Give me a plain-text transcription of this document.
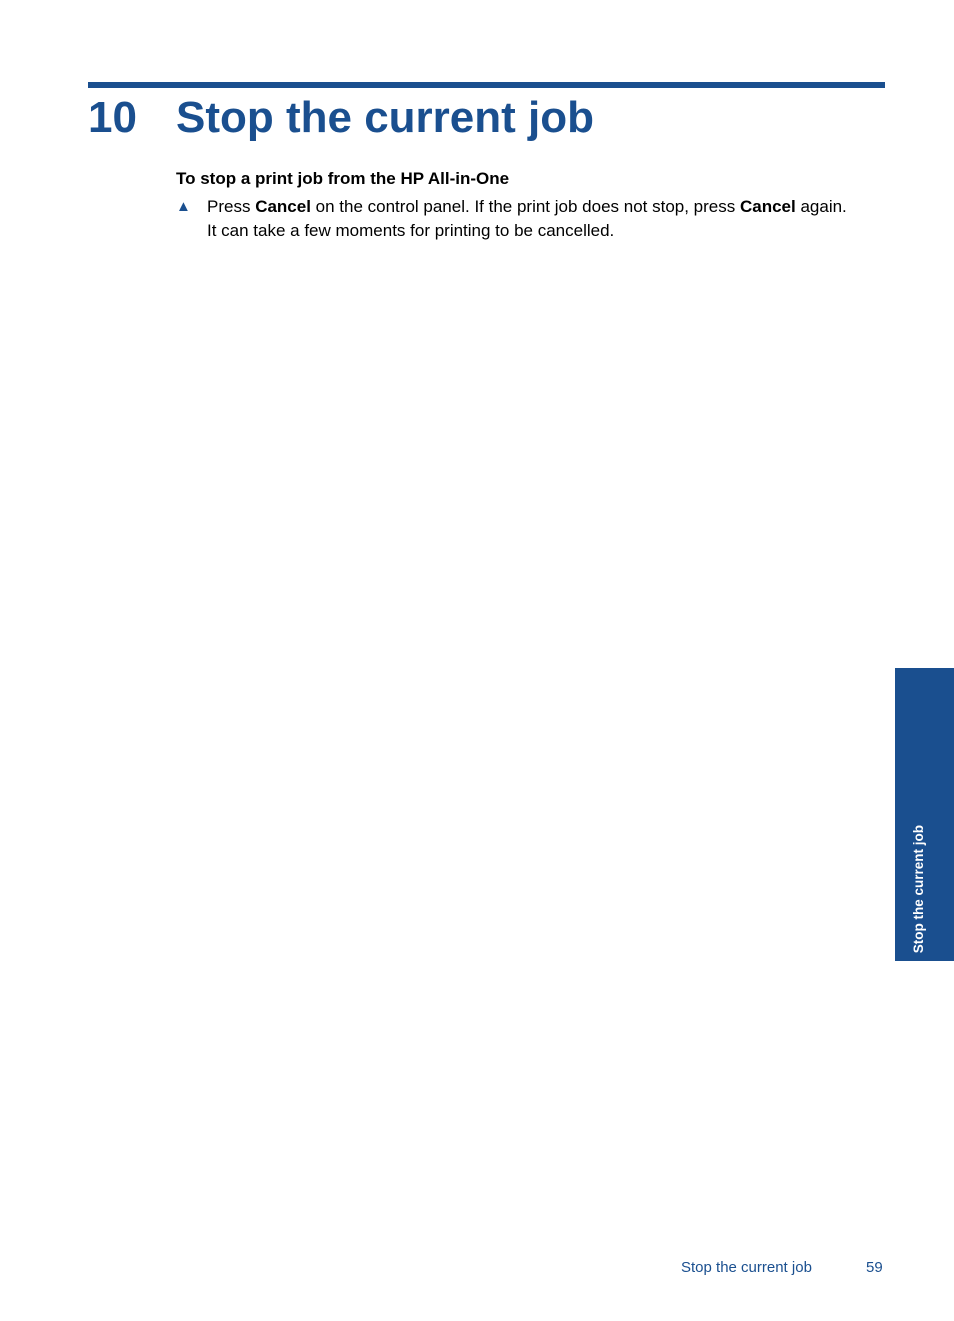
10 Stop the current job
To stop a print job from the HP All-in-One
▲ Press Cancel on the control panel. If the print job does not stop, press Cancel again.
It can take a few moments for printing to be cancelled.
Stop the current job
Stop the current job	59
